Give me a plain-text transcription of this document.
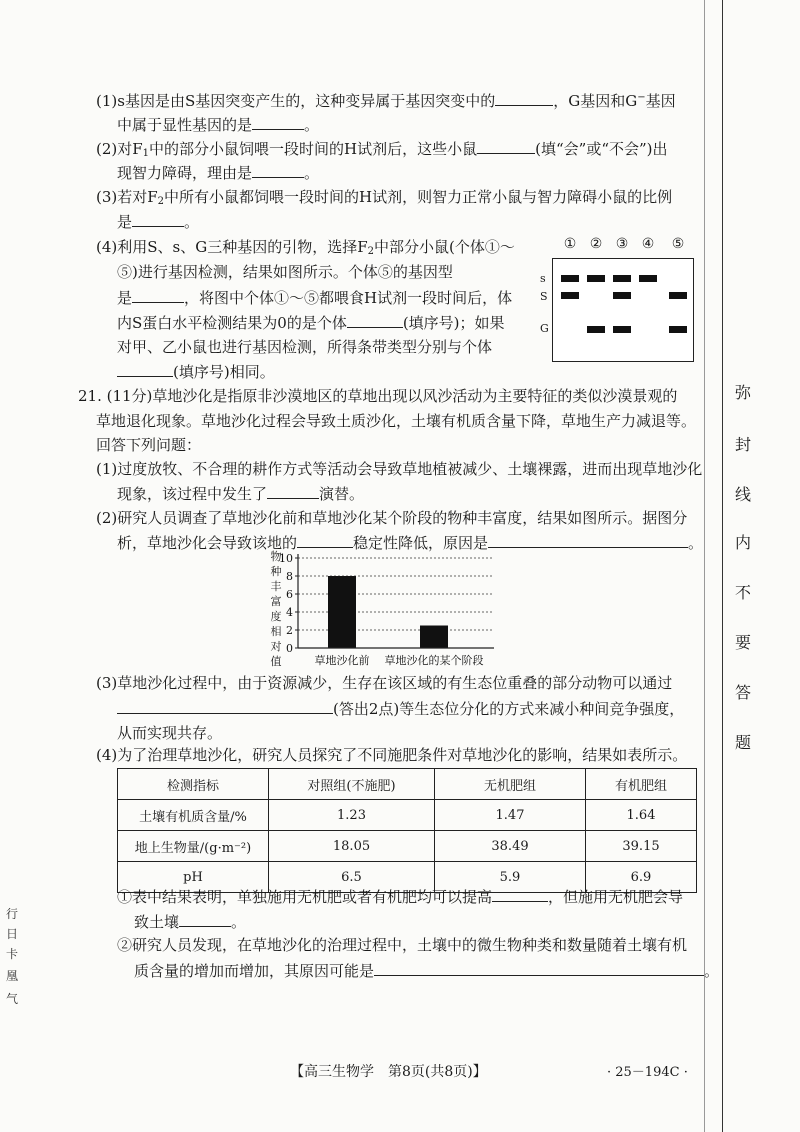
(1)s基因是由S基因突变产生的，这种变异属于基因突变中的	，G基因和G−基因
中属于显性基因的是	。
(2)对$F_1$中的部分小鼠饲喂一段时间的H试剂后，这些小鼠	(填“会”或“不会”)出
现智力障碍，理由是	。
(3)若对$F_2$中所有小鼠都饲喂一段时间的H试剂，则智力正常小鼠与智力障碍小鼠的比例
是	。
(4)利用S、s、G三种基因的引物，选择$F_2$中部分小鼠(个体①～
⑤)进行基因检测，结果如图所示。个体⑤的基因型
是	，将图中个体①～⑤都喂食H试剂一段时间后，体
内S蛋白水平检测结果为0的是个体	(填序号)；如果
对甲、乙小鼠也进行基因检测，所得条带类型分别与个体
(填序号)相同。
① ② ③ ④ ⑤
s
S
G
21. (11分)草地沙化是指原非沙漠地区的草地出现以风沙活动为主要特征的类似沙漠景观的
草地退化现象。草地沙化过程会导致土质沙化，土壤有机质含量下降，草地生产力减退等。
回答下列问题：
(1)过度放牧、不合理的耕作方式等活动会导致草地植被减少、土壤裸露，进而出现草地沙化
现象，该过程中发生了	演替。
(2)研究人员调查了草地沙化前和草地沙化某个阶段的物种丰富度，结果如图所示。据图分
析，草地沙化会导致该地的	稳定性降低，原因是	。
0
2
4
6
8
10
草地沙化前 草地沙化的某个阶段
物
种
丰
富
度
相
对
值
(3)草地沙化过程中，由于资源减少，生存在该区域的有生态位重叠的部分动物可以通过
(答出2点)等生态位分化的方式来减小种间竞争强度，
从而实现共存。
(4)为了治理草地沙化，研究人员探究了不同施肥条件对草地沙化的影响，结果如表所示。
检测指标	对照组(不施肥)	无机肥组	有机肥组
土壤有机质含量/%	1.23	1.47	1.64
地上生物量/(g·m⁻²)	18.05	38.49	39.15
pH	6.5	5.9	6.9
①表中结果表明，单独施用无机肥或者有机肥均可以提高	，但施用无机肥会导
致土壤	。
②研究人员发现，在草地沙化的治理过程中，土壤中的微生物种类和数量随着土壤有机
质含量的增加而增加，其原因可能是	。
弥
封
线
内
不
要
答
题
行
日
卡
凰
气
【高三生物学　第8页(共8页)】	· 25－194C ·
